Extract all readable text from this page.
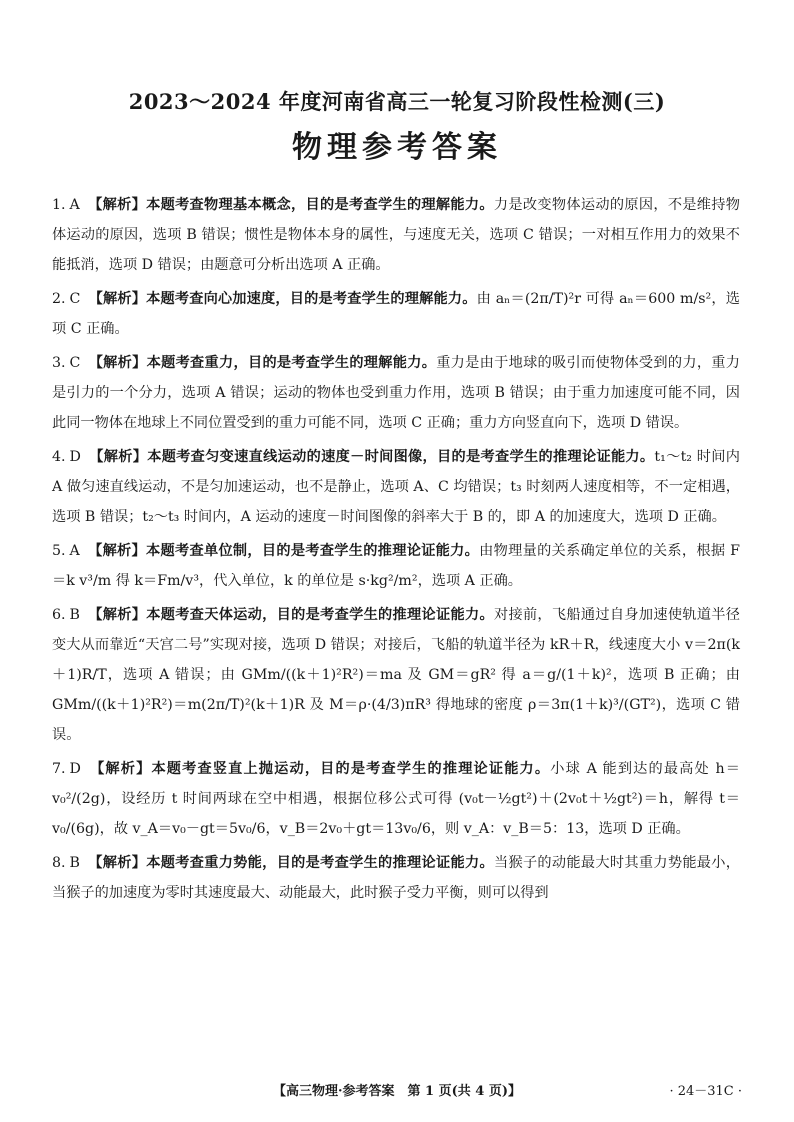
2023～2024 年度河南省高三一轮复习阶段性检测(三)
物理参考答案
1. A 【解析】本题考查物理基本概念，目的是考查学生的理解能力。力是改变物体运动的原因，不是维持物体运动的原因，选项 B 错误；惯性是物体本身的属性，与速度无关，选项 C 错误；一对相互作用力的效果不能抵消，选项 D 错误；由题意可分析出选项 A 正确。
2. C 【解析】本题考查向心加速度，目的是考查学生的理解能力。由 aₙ＝(2π/T)²r 可得 aₙ＝600 m/s²，选项 C 正确。
3. C 【解析】本题考查重力，目的是考查学生的理解能力。重力是由于地球的吸引而使物体受到的力，重力是引力的一个分力，选项 A 错误；运动的物体也受到重力作用，选项 B 错误；由于重力加速度可能不同，因此同一物体在地球上不同位置受到的重力可能不同，选项 C 正确；重力方向竖直向下，选项 D 错误。
4. D 【解析】本题考查匀变速直线运动的速度－时间图像，目的是考查学生的推理论证能力。t₁～t₂ 时间内 A 做匀速直线运动，不是匀加速运动，也不是静止，选项 A、C 均错误；t₃ 时刻两人速度相等，不一定相遇，选项 B 错误；t₂～t₃ 时间内，A 运动的速度－时间图像的斜率大于 B 的，即 A 的加速度大，选项 D 正确。
5. A 【解析】本题考查单位制，目的是考查学生的推理论证能力。由物理量的关系确定单位的关系，根据 F＝k v³/m 得 k＝Fm/v³，代入单位，k 的单位是 s·kg²/m²，选项 A 正确。
6. B 【解析】本题考查天体运动，目的是考查学生的推理论证能力。对接前，飞船通过自身加速使轨道半径变大从而靠近“天宫二号”实现对接，选项 D 错误；对接后，飞船的轨道半径为 kR＋R，线速度大小 v＝2π(k＋1)R/T，选项 A 错误；由 GMm/((k＋1)²R²)＝ma 及 GM＝gR² 得 a＝g/(1＋k)²，选项 B 正确；由 GMm/((k＋1)²R²)＝m(2π/T)²(k＋1)R 及 M＝ρ·(4/3)πR³ 得地球的密度 ρ＝3π(1＋k)³/(GT²)，选项 C 错误。
7. D 【解析】本题考查竖直上抛运动，目的是考查学生的推理论证能力。小球 A 能到达的最高处 h＝v₀²/(2g)，设经历 t 时间两球在空中相遇，根据位移公式可得 (v₀t－½gt²)＋(2v₀t＋½gt²)＝h，解得 t＝v₀/(6g)，故 v_A＝v₀－gt＝5v₀/6，v_B＝2v₀＋gt＝13v₀/6，则 v_A：v_B＝5：13，选项 D 正确。
8. B 【解析】本题考查重力势能，目的是考查学生的推理论证能力。当猴子的动能最大时其重力势能最小，当猴子的加速度为零时其速度最大、动能最大，此时猴子受力平衡，则可以得到
【高三物理·参考答案　第 1 页(共 4 页)】	· 24－31C ·
